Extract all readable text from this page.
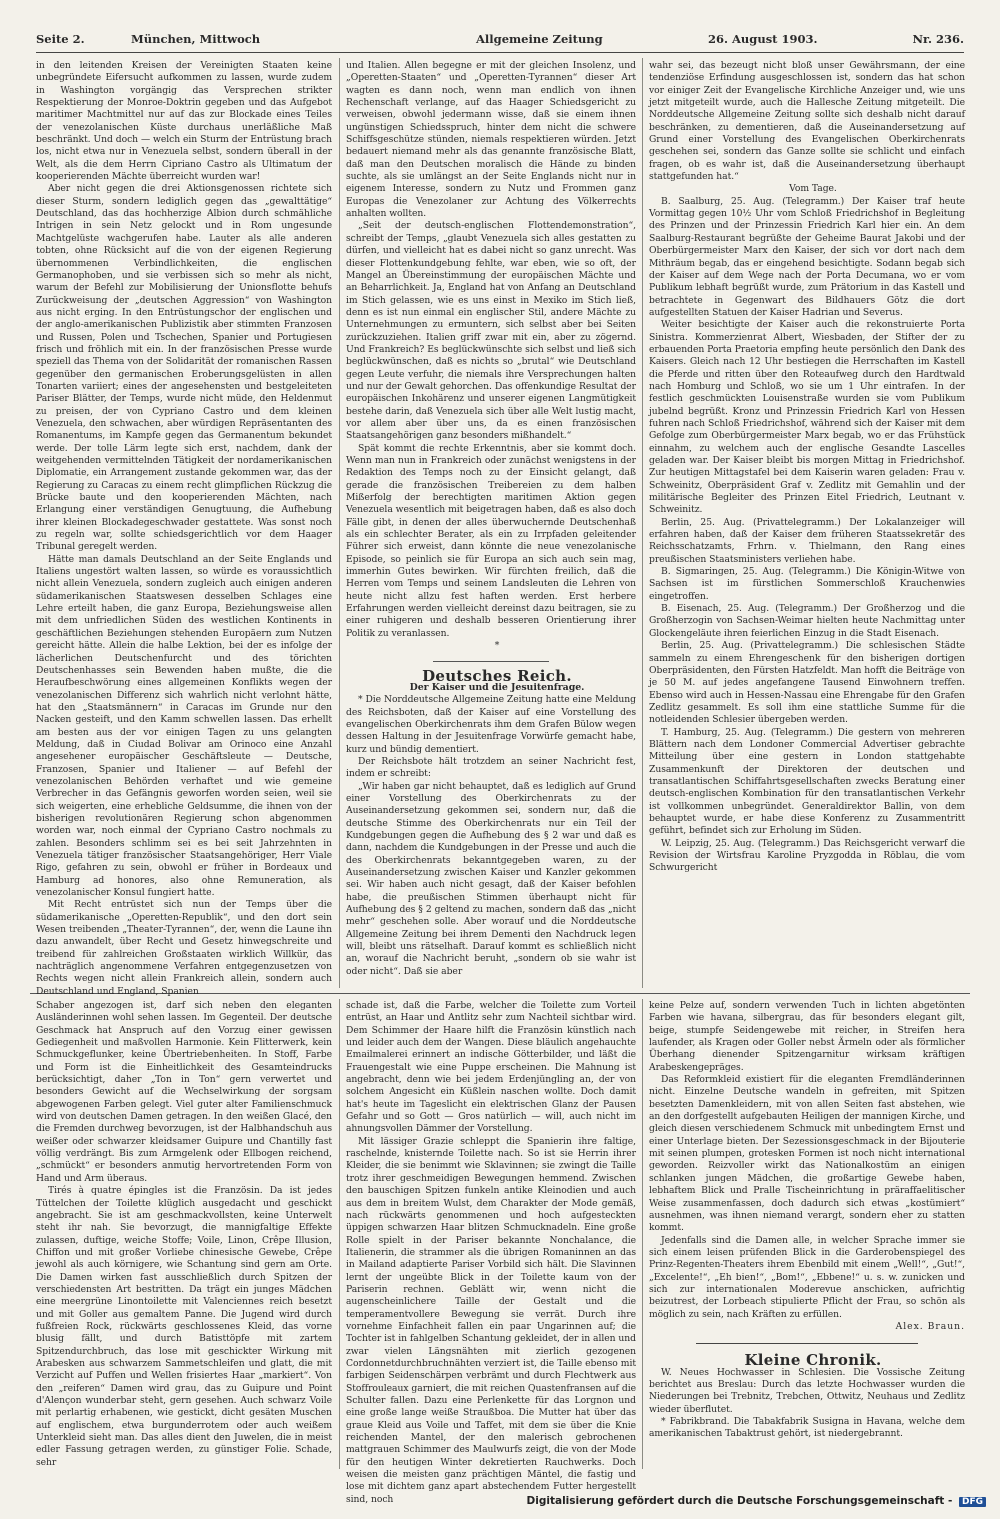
Seite 2.	München, Mittwoch	Allgemeine Zeitung	26. August 1903.	Nr. 236.

in den leitenden Kreisen der Vereinigten Staaten keine unbegründete Eifersucht aufkommen zu lassen, wurde zudem in Washington vorgängig das Versprechen strikter Respektierung der Monroe-Doktrin gegeben und das Aufgebot maritimer Machtmittel nur auf das zur Blockade eines Teiles der venezolanischen Küste durchaus unerläßliche Maß beschränkt. Und doch — welch ein Sturm der Entrüstung brach los, nicht etwa nur in Venezuela selbst, sondern überall in der Welt, als die dem Herrn Cipriano Castro als Ultimatum der kooperierenden Mächte überreicht wurden war!

Aber nicht gegen die drei Aktionsgenossen richtete sich dieser Sturm, sondern lediglich gegen das „gewalttätige“ Deutschland, das das hochherzige Albion durch schmähliche Intrigen in sein Netz gelockt und in Rom ungesunde Machtgelüste wachgerufen habe. Lauter als alle anderen tobten, ohne Rücksicht auf die von der eigenen Regierung übernommenen Verbindlichkeiten, die englischen Germanophoben, und sie verbissen sich so mehr als nicht, warum der Befehl zur Mobilisierung der Unionsflotte behufs Zurückweisung der „deutschen Aggression“ von Washington aus nicht erging. In den Entrüstungschor der englischen und der anglo-amerikanischen Publizistik aber stimmten Franzosen und Russen, Polen und Tschechen, Spanier und Portugiesen frisch und fröhlich mit ein. In der französischen Presse wurde speziell das Thema von der Solidarität der romanischen Rassen gegenüber den germanischen Eroberungsgelüsten in allen Tonarten variiert; eines der angesehensten und bestgeleiteten Pariser Blätter, der Temps, wurde nicht müde, den Heldenmut zu preisen, der von Cypriano Castro und dem kleinen Venezuela, den schwachen, aber würdigen Repräsentanten des Romanentums, im Kampfe gegen das Germanentum bekundet werde. Der tolle Lärm legte sich erst, nachdem, dank der weitgehenden vermittelnden Tätigkeit der nordamerikanischen Diplomatie, ein Arrangement zustande gekommen war, das der Regierung zu Caracas zu einem recht glimpflichen Rückzug die Brücke baute und den kooperierenden Mächten, nach Erlangung einer verständigen Genugtuung, die Aufhebung ihrer kleinen Blockadegeschwader gestattete. Was sonst noch zu regeln war, sollte schiedsgerichtlich vor dem Haager Tribunal geregelt werden.

Hätte man damals Deutschland an der Seite Englands und Italiens ungestört walten lassen, so würde es voraussichtlich nicht allein Venezuela, sondern zugleich auch einigen anderen südamerikanischen Staatswesen desselben Schlages eine Lehre erteilt haben, die ganz Europa, Beziehungsweise allen mit dem unfriedlichen Süden des westlichen Kontinents in geschäftlichen Beziehungen stehenden Europäern zum Nutzen gereicht hätte. Allein die halbe Lektion, bei der es infolge der lächerlichen Deutschenfurcht und des törichten Deutschenhasses sein Bewenden haben mußte, die die Heraufbeschwörung eines allgemeinen Konflikts wegen der venezolanischen Differenz sich wahrlich nicht verlohnt hätte, hat den „Staatsmännern“ in Caracas im Grunde nur den Nacken gesteift, und den Kamm schwellen lassen. Das erhellt am besten aus der vor einigen Tagen zu uns gelangten Meldung, daß in Ciudad Bolivar am Orinoco eine Anzahl angesehener europäischer Geschäftsleute — Deutsche, Franzosen, Spanier und Italiener — auf Befehl der venezolanischen Behörden verhaftet und wie gemeine Verbrecher in das Gefängnis geworfen worden seien, weil sie sich weigerten, eine erhebliche Geldsumme, die ihnen von der bisherigen revolutionären Regierung schon abgenommen worden war, noch einmal der Cypriano Castro nochmals zu zahlen. Besonders schlimm sei es bei seit Jahrzehnten in Venezuela tätiger französischer Staatsangehöriger, Herr Viale Rigo, gefahren zu sein, obwohl er früher in Bordeaux und Hamburg ad honores, also ohne Remuneration, als venezolanischer Konsul fungiert hatte.

Mit Recht entrüstet sich nun der Temps über die südamerikanische „Operetten-Republik“, und den dort sein Wesen treibenden „Theater-Tyrannen“, der, wenn die Laune ihn dazu anwandelt, über Recht und Gesetz hinwegschreite und treibend für zahlreichen Großstaaten wirklich Willkür, das nachträglich angenommene Verfahren entgegenzusetzen von Rechts wegen nicht allein Frankreich allein, sondern auch Deutschland und England, Spanien

und Italien. Allen begegne er mit der gleichen Insolenz, und „Operetten-Staaten“ und „Operetten-Tyrannen“ dieser Art wagten es dann noch, wenn man endlich von ihnen Rechenschaft verlange, auf das Haager Schiedsgericht zu verweisen, obwohl jedermann wisse, daß sie einem ihnen ungünstigen Schiedsspruch, hinter dem nicht die schwere Schiffsgeschütze stünden, niemals respektieren würden. Jetzt bedauert niemand mehr als das genannte französische Blatt, daß man den Deutschen moralisch die Hände zu binden suchte, als sie umlängst an der Seite Englands nicht nur in eigenem Interesse, sondern zu Nutz und Frommen ganz Europas die Venezolaner zur Achtung des Völkerrechts anhalten wollten.

„Seit der deutsch-englischen Flottendemonstration“, schreibt der Temps, „glaubt Venezuela sich alles gestatten zu dürfen, und vielleicht hat es dabei nicht so ganz unrecht. Was dieser Flottenkundgebung fehlte, war eben, wie so oft, der Mangel an Übereinstimmung der europäischen Mächte und an Beharrlichkeit. Ja, England hat von Anfang an Deutschland im Stich gelassen, wie es uns einst in Mexiko im Stich ließ, denn es ist nun einmal ein englischer Stil, andere Mächte zu Unternehmungen zu ermuntern, sich selbst aber bei Seiten zurückzuziehen. Italien griff zwar mit ein, aber zu zögernd. Und Frankreich? Es beglückwünschte sich selbst und ließ sich beglückwünschen, daß es nichts so „brutal“ wie Deutschland gegen Leute verfuhr, die niemals ihre Versprechungen halten und nur der Gewalt gehorchen. Das offenkundige Resultat der europäischen Inkohärenz und unserer eigenen Langmütigkeit bestehe darin, daß Venezuela sich über alle Welt lustig macht, vor allem aber über uns, da es einen französischen Staatsangehörigen ganz besonders mißhandelt.“

Spät kommt die rechte Erkenntnis, aber sie kommt doch. Wenn man nun in Frankreich oder zunächst wenigstens in der Redaktion des Temps noch zu der Einsicht gelangt, daß gerade die französischen Treibereien zu dem halben Mißerfolg der berechtigten maritimen Aktion gegen Venezuela wesentlich mit beigetragen haben, daß es also doch Fälle gibt, in denen der alles überwuchernde Deutschenhaß als ein schlechter Berater, als ein zu Irrpfaden geleitender Führer sich erweist, dann könnte die neue venezolanische Episode, so peinlich sie für Europa an sich auch sein mag, immerhin Gutes bewirken. Wir fürchten freilich, daß die Herren vom Temps und seinem Landsleuten die Lehren von heute nicht allzu fest haften werden. Erst herbere Erfahrungen werden vielleicht dereinst dazu beitragen, sie zu einer ruhigeren und deshalb besseren Orientierung ihrer Politik zu veranlassen.

*

Deutsches Reich.

Der Kaiser und die Jesuitenfrage.

* Die Norddeutsche Allgemeine Zeitung hatte eine Meldung des Reichsboten, daß der Kaiser auf eine Vorstellung des evangelischen Oberkirchenrats ihm dem Grafen Bülow wegen dessen Haltung in der Jesuitenfrage Vorwürfe gemacht habe, kurz und bündig dementiert.

Der Reichsbote hält trotzdem an seiner Nachricht fest, indem er schreibt:

„Wir haben gar nicht behauptet, daß es lediglich auf Grund einer Vorstellung des Oberkirchenrats zu der Auseinandersetzung gekommen sei, sondern nur, daß die deutsche Stimme des Oberkirchenrats nur ein Teil der Kundgebungen gegen die Aufhebung des § 2 war und daß es dann, nachdem die Kundgebungen in der Presse und auch die des Oberkirchenrats bekanntgegeben waren, zu der Auseinandersetzung zwischen Kaiser und Kanzler gekommen sei. Wir haben auch nicht gesagt, daß der Kaiser befohlen habe, die preußischen Stimmen überhaupt nicht für Aufhebung des § 2 geltend zu machen, sondern daß das „nicht mehr“ geschehen solle. Aber worauf und die Norddeutsche Allgemeine Zeitung bei ihrem Dementi den Nachdruck legen will, bleibt uns rätselhaft. Darauf kommt es schließlich nicht an, worauf die Nachricht beruht, „sondern ob sie wahr ist oder nicht“. Daß sie aber

wahr sei, das bezeugt nicht bloß unser Gewährsmann, der eine tendenziöse Erfindung ausgeschlossen ist, sondern das hat schon vor einiger Zeit der Evangelische Kirchliche Anzeiger und, wie uns jetzt mitgeteilt wurde, auch die Hallesche Zeitung mitgeteilt. Die Norddeutsche Allgemeine Zeitung sollte sich deshalb nicht darauf beschränken, zu dementieren, daß die Auseinandersetzung auf Grund einer Vorstellung des Evangelischen Oberkirchenrats geschehen sei, sondern das Ganze sollte sie schlicht und einfach fragen, ob es wahr ist, daß die Auseinandersetzung überhaupt stattgefunden hat.“

Vom Tage.

B. Saalburg, 25. Aug. (Telegramm.) Der Kaiser traf heute Vormittag gegen 10½ Uhr vom Schloß Friedrichshof in Begleitung des Prinzen und der Prinzessin Friedrich Karl hier ein. An dem Saalburg-Restaurant begrüßte der Geheime Baurat Jakobi und der Oberbürgermeister Marx den Kaiser, der sich vor dort nach dem Mithräum begab, das er eingehend besichtigte. Sodann begab sich der Kaiser auf dem Wege nach der Porta Decumana, wo er vom Publikum lebhaft begrüßt wurde, zum Prätorium in das Kastell und betrachtete in Gegenwart des Bildhauers Götz die dort aufgestellten Statuen der Kaiser Hadrian und Severus.

Weiter besichtigte der Kaiser auch die rekonstruierte Porta Sinistra. Kommerzienrat Albert, Wiesbaden, der Stifter der zu erbauenden Porta Praetoria empfing heute persönlich den Dank des Kaisers. Gleich nach 12 Uhr bestiegen die Herrschaften im Kastell die Pferde und ritten über den Roteaufweg durch den Hardtwald nach Homburg und Schloß, wo sie um 1 Uhr eintrafen. In der festlich geschmückten Louisenstraße wurden sie vom Publikum jubelnd begrüßt. Kronz und Prinzessin Friedrich Karl von Hessen fuhren nach Schloß Friedrichshof, während sich der Kaiser mit dem Gefolge zum Oberbürgermeister Marx begab, wo er das Frühstück einnahm, zu welchem auch der englische Gesandte Lascelles geladen war. Der Kaiser bleibt bis morgen Mittag in Friedrichshof. Zur heutigen Mittagstafel bei dem Kaiserin waren geladen: Frau v. Schweinitz, Oberpräsident Graf v. Zedlitz mit Gemahlin und der militärische Begleiter des Prinzen Eitel Friedrich, Leutnant v. Schweinitz.

Berlin, 25. Aug. (Privattelegramm.) Der Lokalanzeiger will erfahren haben, daß der Kaiser dem früheren Staatssekretär des Reichsschatzamts, Frhrn. v. Thielmann, den Rang eines preußischen Staatsministers verliehen habe.

B. Sigmaringen, 25. Aug. (Telegramm.) Die Königin-Witwe von Sachsen ist im fürstlichen Sommerschloß Krauchenwies eingetroffen.

B. Eisenach, 25. Aug. (Telegramm.) Der Großherzog und die Großherzogin von Sachsen-Weimar hielten heute Nachmittag unter Glockengeläute ihren feierlichen Einzug in die Stadt Eisenach.

Berlin, 25. Aug. (Privattelegramm.) Die schlesischen Städte sammeln zu einem Ehrengeschenk für den bisherigen dortigen Oberpräsidenten, den Fürsten Hatzfeldt. Man hofft die Beiträge von je 50 M. auf jedes angefangene Tausend Einwohnern treffen. Ebenso wird auch in Hessen-Nassau eine Ehrengabe für den Grafen Zedlitz gesammelt. Es soll ihm eine stattliche Summe für die notleidenden Schlesier übergeben werden.

T. Hamburg, 25. Aug. (Telegramm.) Die gestern von mehreren Blättern nach dem Londoner Commercial Advertiser gebrachte Mitteilung über eine gestern in London stattgehabte Zusammenkunft der Direktoren der deutschen und transatlantischen Schiffahrtsgesellschaften zwecks Beratung einer deutsch-englischen Kombination für den transatlantischen Verkehr ist vollkommen unbegründet. Generaldirektor Ballin, von dem behauptet wurde, er habe diese Konferenz zu Zusammentritt geführt, befindet sich zur Erholung im Süden.

W. Leipzig, 25. Aug. (Telegramm.) Das Reichsgericht verwarf die Revision der Wirtsfrau Karoline Pryzgodda in Röblau, die vom Schwurgericht

Schaber angezogen ist, darf sich neben den eleganten Ausländerinnen wohl sehen lassen. Im Gegenteil. Der deutsche Geschmack hat Anspruch auf den Vorzug einer gewissen Gediegenheit und maßvollen Harmonie. Kein Flitterwerk, kein Schmuckgeflunker, keine Übertriebenheiten. In Stoff, Farbe und Form ist die Einheitlichkeit des Gesamteindrucks berücksichtigt, daher „Ton in Ton“ gern verwertet und besonders Gewicht auf die Wechselwirkung der sorgsam abgewogenen Farben gelegt. Viel guter alter Familienschmuck wird von deutschen Damen getragen. In den weißen Glacé, den die Fremden durchweg bevorzugen, ist der Halbhandschuh aus weißer oder schwarzer kleidsamer Guipure und Chantilly fast völlig verdrängt. Bis zum Armgelenk oder Ellbogen reichend, „schmückt“ er besonders anmutig hervortretenden Form von Hand und Arm überaus.

Tirés à quatre épingles ist die Französin. Da ist jedes Tüttelchen der Toilette klüglich ausgedacht und geschickt angebracht. Sie ist am geschmackvollsten, keine Unterwelt steht ihr nah. Sie bevorzugt, die mannigfaltige Effekte zulassen, duftige, weiche Stoffe; Voile, Linon, Crêpe Illusion, Chiffon und mit großer Vorliebe chinesische Gewebe, Crêpe jewohl als auch körnigere, wie Schantung sind gern am Orte. Die Damen wirken fast ausschließlich durch Spitzen der verschiedensten Art bestritten. Da trägt ein junges Mädchen eine meergrüne Linontoilette mit Valenciennes reich besetzt und mit Goller aus gemaltem Panne. Die Jugend wird durch fußfreien Rock, rückwärts geschlossenes Kleid, das vorne blusig fällt, und durch Batisttöpfe mit zartem Spitzendurchbruch, das lose mit geschickter Wirkung mit Arabesken aus schwarzem Sammetschleifen und glatt, die mit Verzicht auf Puffen und Wellen frisiertes Haar „markiert“. Von den „reiferen“ Damen wird grau, das zu Guipure und Point d'Alençon wunderbar steht, gern gesehen. Auch schwarz Voile mit perlartig erhabenen, wie gestickt, dicht gesäten Muschen auf englischem, etwa burgunderrotem oder auch weißem Unterkleid sieht man. Das alles dient den Juwelen, die in meist edler Fassung getragen werden, zu günstiger Folie. Schade, sehr

schade ist, daß die Farbe, welcher die Toilette zum Vorteil entrüst, an Haar und Antlitz sehr zum Nachteil sichtbar wird. Dem Schimmer der Haare hilft die Französin künstlich nach und leider auch dem der Wangen. Diese bläulich angehauchte Emailmalerei erinnert an indische Götterbilder, und läßt die Frauengestalt wie eine Puppe erscheinen. Die Mahnung ist angebracht, denn wie bei jedem Erdenjüngling an, der von solchem Angesicht ein Küßlein naschen wollte. Doch damit hat's heute im Tageslicht ein elektrischen Glanz der Pausen Gefahr und so Gott — Gros natürlich — will, auch nicht im ahnungsvollen Dämmer der Vorstellung.

Mit lässiger Grazie schleppt die Spanierin ihre faltige, raschelnde, knisternde Toilette nach. So ist sie Herrin ihrer Kleider, die sie benimmt wie Sklavinnen; sie zwingt die Taille trotz ihrer geschmeidigen Bewegungen hemmend. Zwischen den bauschigen Spitzen funkeln antike Kleinodien und auch aus dem in breitem Wulst, dem Charakter der Mode gemäß, nach rückwärts genommenen und hoch aufgesteckten üppigen schwarzen Haar blitzen Schmucknadeln. Eine große Rolle spielt in der Pariser bekannte Nonchalance, die Italienerin, die strammer als die übrigen Romaninnen an das in Mailand adaptierte Pariser Vorbild sich hält. Die Slavinnen lernt der ungeübte Blick in der Toilette kaum von der Pariserin rechnen. Geblätt wir, wenn nicht die augenscheinlichere Taille der Gestalt und die temperamentvollere Bewegung sie verrät. Durch ihre vornehme Einfachheit fallen ein paar Ungarinnen auf; die Tochter ist in fahlgelben Schantung gekleidet, der in allen und zwar vielen Längsnähten mit zierlich gezogenen Cordonnetdurchbruchnähten verziert ist, die Taille ebenso mit farbigen Seidenschärpen verbrämt und durch Flechtwerk aus Stoffrouleaux garniert, die mit reichen Quastenfransen auf die Schulter fallen. Dazu eine Perlenkette für das Lorgnon und eine große lange weiße Straußboa. Die Mutter hat über das graue Kleid aus Voile und Taffet, mit dem sie über die Knie reichenden Mantel, der den malerisch gebrochenen mattgrauen Schimmer des Maulwurfs zeigt, die von der Mode für den heutigen Winter dekretierten Rauchwerks. Doch weisen die meisten ganz prächtigen Mäntel, die fastig und lose mit dichtem ganz apart abstechendem Futter hergestellt sind, noch

keine Pelze auf, sondern verwenden Tuch in lichten abgetönten Farben wie havana, silbergrau, das für besonders elegant gilt, beige, stumpfe Seidengewebe mit reicher, in Streifen hera laufender, als Kragen oder Goller nebst Ärmeln oder als förmlicher Überhang dienender Spitzengarnitur wirksam kräftigen Arabeskengepräges.

Das Reformkleid existiert für die eleganten Fremdländerinnen nicht. Einzelne Deutsche wandeln in gefreiten, mit Spitzen besetzten Damenkleidern, mit von allen Seiten fast abstehen, wie an den dorfgestellt aufgebauten Heiligen der mannigen Kirche, und gleich diesen verschiedenem Schmuck mit unbedingtem Ernst und einer Unterlage bieten. Der Sezessionsgeschmack in der Bijouterie mit seinen plumpen, grotesken Formen ist noch nicht international geworden. Reizvoller wirkt das Nationalkostüm an einigen schlanken jungen Mädchen, die großartige Gewebe haben, lebhaftem Blick und Pralle Tischeinrichtung in präraffaelitischer Weise zusammenfassen, doch dadurch sich etwas „kostümiert“ ausnehmen, was ihnen niemand verargt, sondern eher zu statten kommt.

Jedenfalls sind die Damen alle, in welcher Sprache immer sie sich einem leisen prüfenden Blick in die Garderobenspiegel des Prinz-Regenten-Theaters ihrem Ebenbild mit einem „Well!“, „Gut!“, „Excelente!“, „Eh bien!“, „Bom!“, „Ebbene!“ u. s. w. zunicken und sich zur internationalen Moderevue anschicken, aufrichtig beizutrest, der Lorbeach stipulierte Pflicht der Frau, so schön als möglich zu sein, nach Kräften zu erfüllen.

Alex. Braun.

Kleine Chronik.

W. Neues Hochwasser in Schlesien. Die Vossische Zeitung berichtet aus Breslau: Durch das letzte Hochwasser wurden die Niederungen bei Trebnitz, Trebchen, Ottwitz, Neuhaus und Zedlitz wieder überflutet.

* Fabrikbrand. Die Tabakfabrik Susigna in Havana, welche dem amerikanischen Tabaktrust gehört, ist niedergebrannt.

Digitalisierung gefördert durch die Deutsche Forschungsgemeinschaft - DFG
